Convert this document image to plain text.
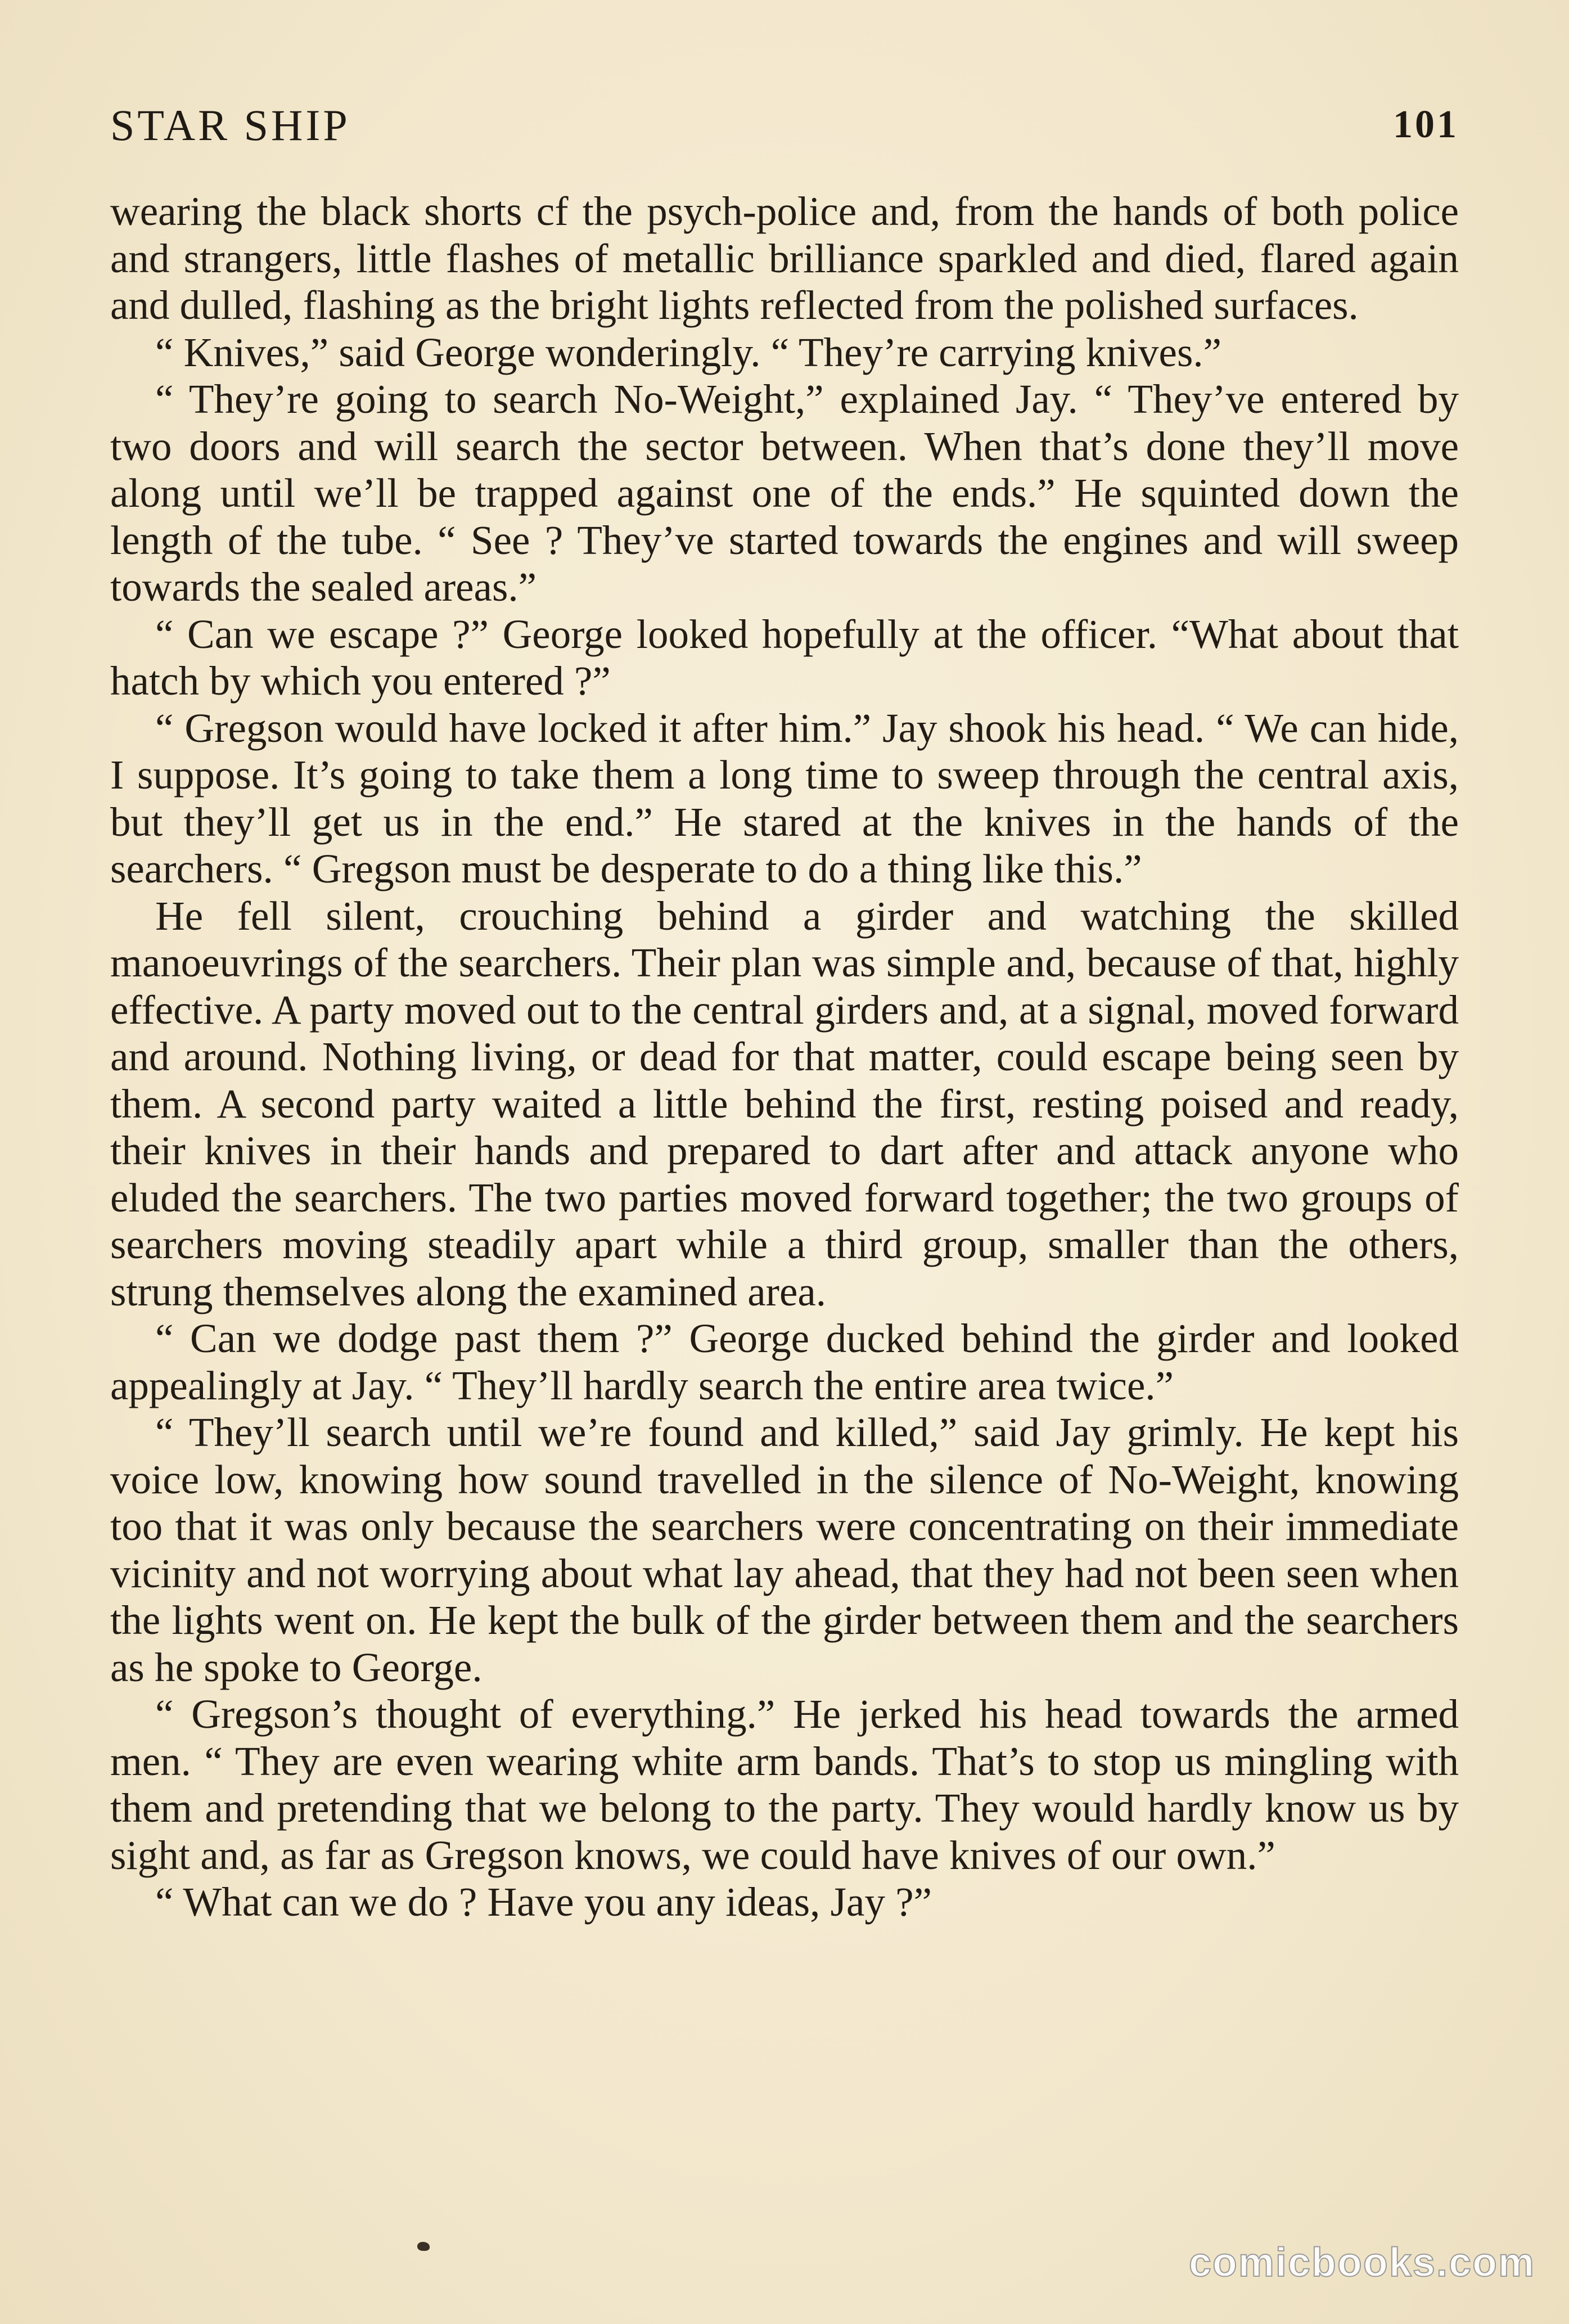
STAR SHIP	101

wearing the black shorts cf the psych-police and, from the hands of both police and strangers, little flashes of metallic brilliance sparkled and died, flared again and dulled, flashing as the bright lights reflected from the polished surfaces.

“ Knives,” said George wonderingly. “ They’re carrying knives.”

“ They’re going to search No-Weight,” explained Jay. “ They’ve entered by two doors and will search the sector between. When that’s done they’ll move along until we’ll be trapped against one of the ends.” He squinted down the length of the tube. “ See ? They’ve started towards the engines and will sweep towards the sealed areas.”

“ Can we escape ?” George looked hopefully at the officer. “What about that hatch by which you entered ?”

“ Gregson would have locked it after him.” Jay shook his head. “ We can hide, I suppose. It’s going to take them a long time to sweep through the central axis, but they’ll get us in the end.” He stared at the knives in the hands of the searchers. “ Gregson must be desperate to do a thing like this.”

He fell silent, crouching behind a girder and watching the skilled manoeuvrings of the searchers. Their plan was simple and, because of that, highly effective. A party moved out to the central girders and, at a signal, moved forward and around. Nothing living, or dead for that matter, could escape being seen by them. A second party waited a little behind the first, resting poised and ready, their knives in their hands and prepared to dart after and attack anyone who eluded the searchers. The two parties moved forward together; the two groups of searchers moving steadily apart while a third group, smaller than the others, strung themselves along the examined area.

“ Can we dodge past them ?” George ducked behind the girder and looked appealingly at Jay. “ They’ll hardly search the entire area twice.”

“ They’ll search until we’re found and killed,” said Jay grimly. He kept his voice low, knowing how sound travelled in the silence of No-Weight, knowing too that it was only because the searchers were concentrating on their immediate vicinity and not worrying about what lay ahead, that they had not been seen when the lights went on. He kept the bulk of the girder between them and the searchers as he spoke to George.

“ Gregson’s thought of everything.” He jerked his head towards the armed men. “ They are even wearing white arm bands. That’s to stop us mingling with them and pretending that we belong to the party. They would hardly know us by sight and, as far as Gregson knows, we could have knives of our own.”

“ What can we do ? Have you any ideas, Jay ?”

comicbooks.com
